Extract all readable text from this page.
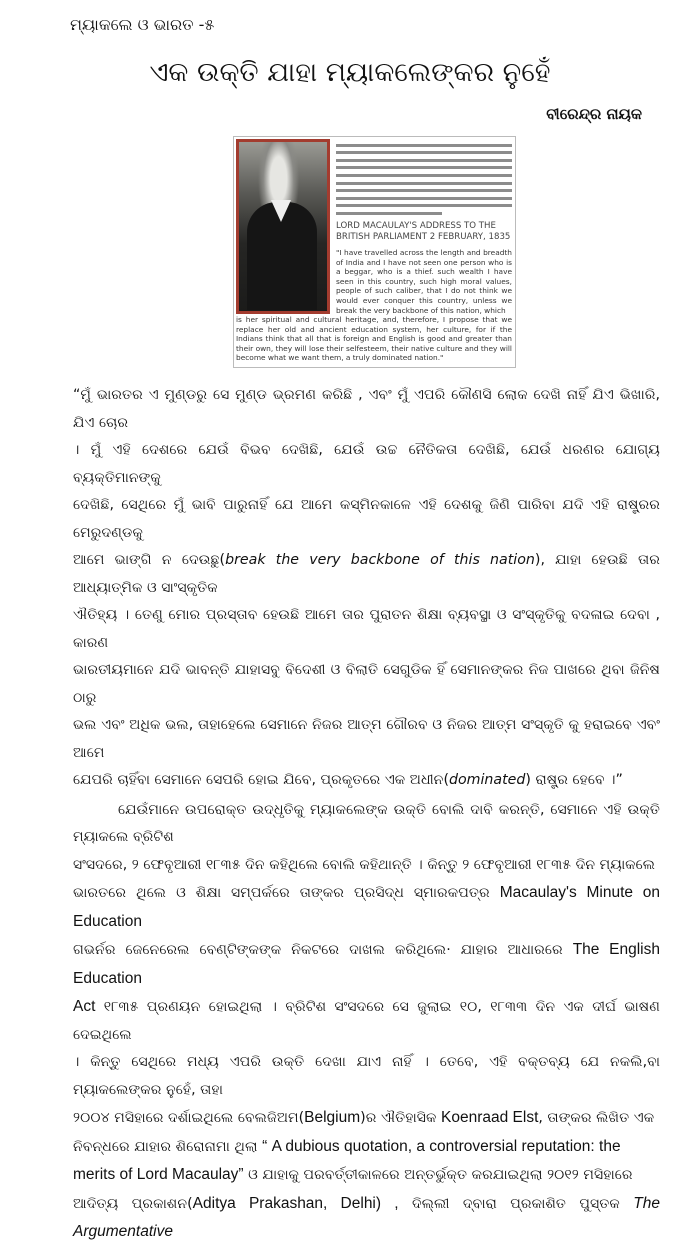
ମ୍ୟାକଲେ ଓ ଭାରତ -୫
ଏକ ଉକ୍ତି ଯାହା ମ୍ୟାକଲେଙ୍କର ନୁହେଁ
ବୀରେନ୍ଦ୍ର ନାୟକ
LORD MACAULAY'S ADDRESS TO THE BRITISH PARLIAMENT 2 FEBRUARY, 1835
"I have travelled across the length and breadth of India and I have not seen one person who is a beggar, who is a thief. such wealth I have seen in this country, such high moral values, people of such caliber, that I do not think we would ever conquer this country, unless we break the very backbone of this nation, which
is her spiritual and cultural heritage, and, therefore, I propose that we replace her old and ancient education system, her culture, for if the Indians think that all that is foreign and English is good and greater than their own, they will lose their selfesteem, their native culture and they will become what we want them, a truly dominated nation."
“ମୁଁ ଭାରତର ଏ ମୁଣ୍ଡରୁ ସେ ମୁଣ୍ଡ ଭ୍ରମଣ କରିଛି , ଏବଂ ମୁଁ ଏପରି କୌଣସି ଲୋକ ଦେଖି ନାହିଁ ଯିଏ ଭିଖାରି, ଯିଏ ଚୋର
। ମୁଁ ଏହି ଦେଶରେ ଯେଉଁ ବିଭବ ଦେଖିଛି, ଯେଉଁ ଉଚ୍ଚ ନୈତିକତା ଦେଖିଛି, ଯେଉଁ ଧରଣର ଯୋଗ୍ୟ ବ୍ୟକ୍ତିମାନଙ୍କୁ
ଦେଖିଛି, ସେଥିରେ ମୁଁ ଭାବି ପାରୁନାହିଁ ଯେ ଆମେ କସ୍ମିନକାଳେ ଏହି ଦେଶକୁ ଜିଣି ପାରିବା ଯଦି ଏହି ରାଷ୍ଟ୍ରର ମେରୁଦଣ୍ଡକୁ
ଆମେ ଭାଙ୍ଗି ନ ଦେଉଛୁ(break the very backbone of this nation), ଯାହା ହେଉଛି ତାର ଆଧ୍ୟାତ୍ମିକ ଓ ସାଂସ୍କୃତିକ
ଐତିହ୍ୟ । ତେଣୁ ମୋର ପ୍ରସ୍ତାବ ହେଉଛି ଆମେ ତାର ପୁରାତନ ଶିକ୍ଷା ବ୍ୟବସ୍ଥା ଓ ସଂସ୍କୃତିକୁ ବଦଳାଇ ଦେବା , କାରଣ
ଭାରତୀୟମାନେ ଯଦି ଭାବନ୍ତି ଯାହାସବୁ ବିଦେଶୀ ଓ ବିଲାତି ସେଗୁଡିକ ହିଁ ସେମାନଙ୍କର ନିଜ ପାଖରେ ଥିବା ଜିନିଷ ଠାରୁ
ଭଲ ଏବଂ ଅଧିକ ଭଲ, ତାହାହେଲେ ସେମାନେ ନିଜର ଆତ୍ମ ଗୌରବ ଓ ନିଜର ଆତ୍ମ ସଂସ୍କୃତି କୁ ହରାଇବେ ଏବଂ ଆମେ
ଯେପରି ଚାହିଁବା ସେମାନେ ସେପରି ହୋଇ ଯିବେ, ପ୍ରକୃତରେ ଏକ ଅଧୀନ(dominated) ରାଷ୍ଟ୍ର ହେବେ ।”
ଯେଉଁମାନେ ଉପରୋକ୍ତ ଉଦ୍ଧୃତିକୁ ମ୍ୟାକଲେଙ୍କ ଉକ୍ତି ବୋଲି ଦାବି କରନ୍ତି, ସେମାନେ ଏହି ଉକ୍ତି ମ୍ୟାକଲେ ବ୍ରିଟିଶ
ସଂସଦରେ, ୨ ଫେବୃଆରୀ ୧୮୩୫ ଦିନ କହିଥିଲେ ବୋଲି କହିଥାନ୍ତି । କିନ୍ତୁ ୨ ଫେବୃଆରୀ ୧୮୩୫ ଦିନ ମ୍ୟାକଲେ
ଭାରତରେ ଥିଲେ ଓ ଶିକ୍ଷା ସମ୍ପର୍କରେ ତାଙ୍କର ପ୍ରସିଦ୍ଧ ସ୍ମାରକପତ୍ର Macaulay's Minute on Education
ଗଭର୍ନର ଜେନେରେଲ ବେଣ୍ଟିଙ୍କଙ୍କ ନିକଟରେ ଦାଖଲ କରିଥିଲେ· ଯାହାର ଆଧାରରେ The English Education
Act ୧୮୩୫ ପ୍ରଣୟନ ହୋଇଥିଲା । ବ୍ରିଟିଶ ସଂସଦରେ ସେ ଜୁଲାଇ ୧୦, ୧୮୩୩ ଦିନ ଏକ ଦୀର୍ଘ ଭାଷଣ ଦେଇଥିଲେ
। କିନ୍ତୁ ସେଥିରେ ମଧ୍ୟ ଏପରି ଉକ୍ତି ଦେଖା ଯାଏ ନାହିଁ । ତେବେ, ଏହି ବକ୍ତବ୍ୟ ଯେ ନକଲି,ବା ମ୍ୟାକଲେଙ୍କର ନୁହେଁ, ତାହା
୨୦୦୪ ମସିହାରେ ଦର୍ଶାଇଥିଲେ ବେଲଜିଅମ(Belgium)ର ଐତିହାସିକ Koenraad Elst, ତାଙ୍କର ଲିଖିତ ଏକ
ନିବନ୍ଧରେ ଯାହାର ଶିରୋନାମା ଥିଲା “ A dubious quotation, a controversial reputation: the
merits of Lord Macaulay” ଓ ଯାହାକୁ ପରବର୍ତ୍ତୀକାଳରେ ଅନ୍ତର୍ଭୁକ୍ତ କରଯାଇଥିଲା ୨୦୧୨ ମସିହାରେ
ଆଦିତ୍ୟ ପ୍ରକାଶନ(Aditya Prakashan, Delhi) , ଦିଲ୍ଲୀ ଦ୍ବାରା ପ୍ରକାଶିତ ପୁସ୍ତକ The Argumentative
